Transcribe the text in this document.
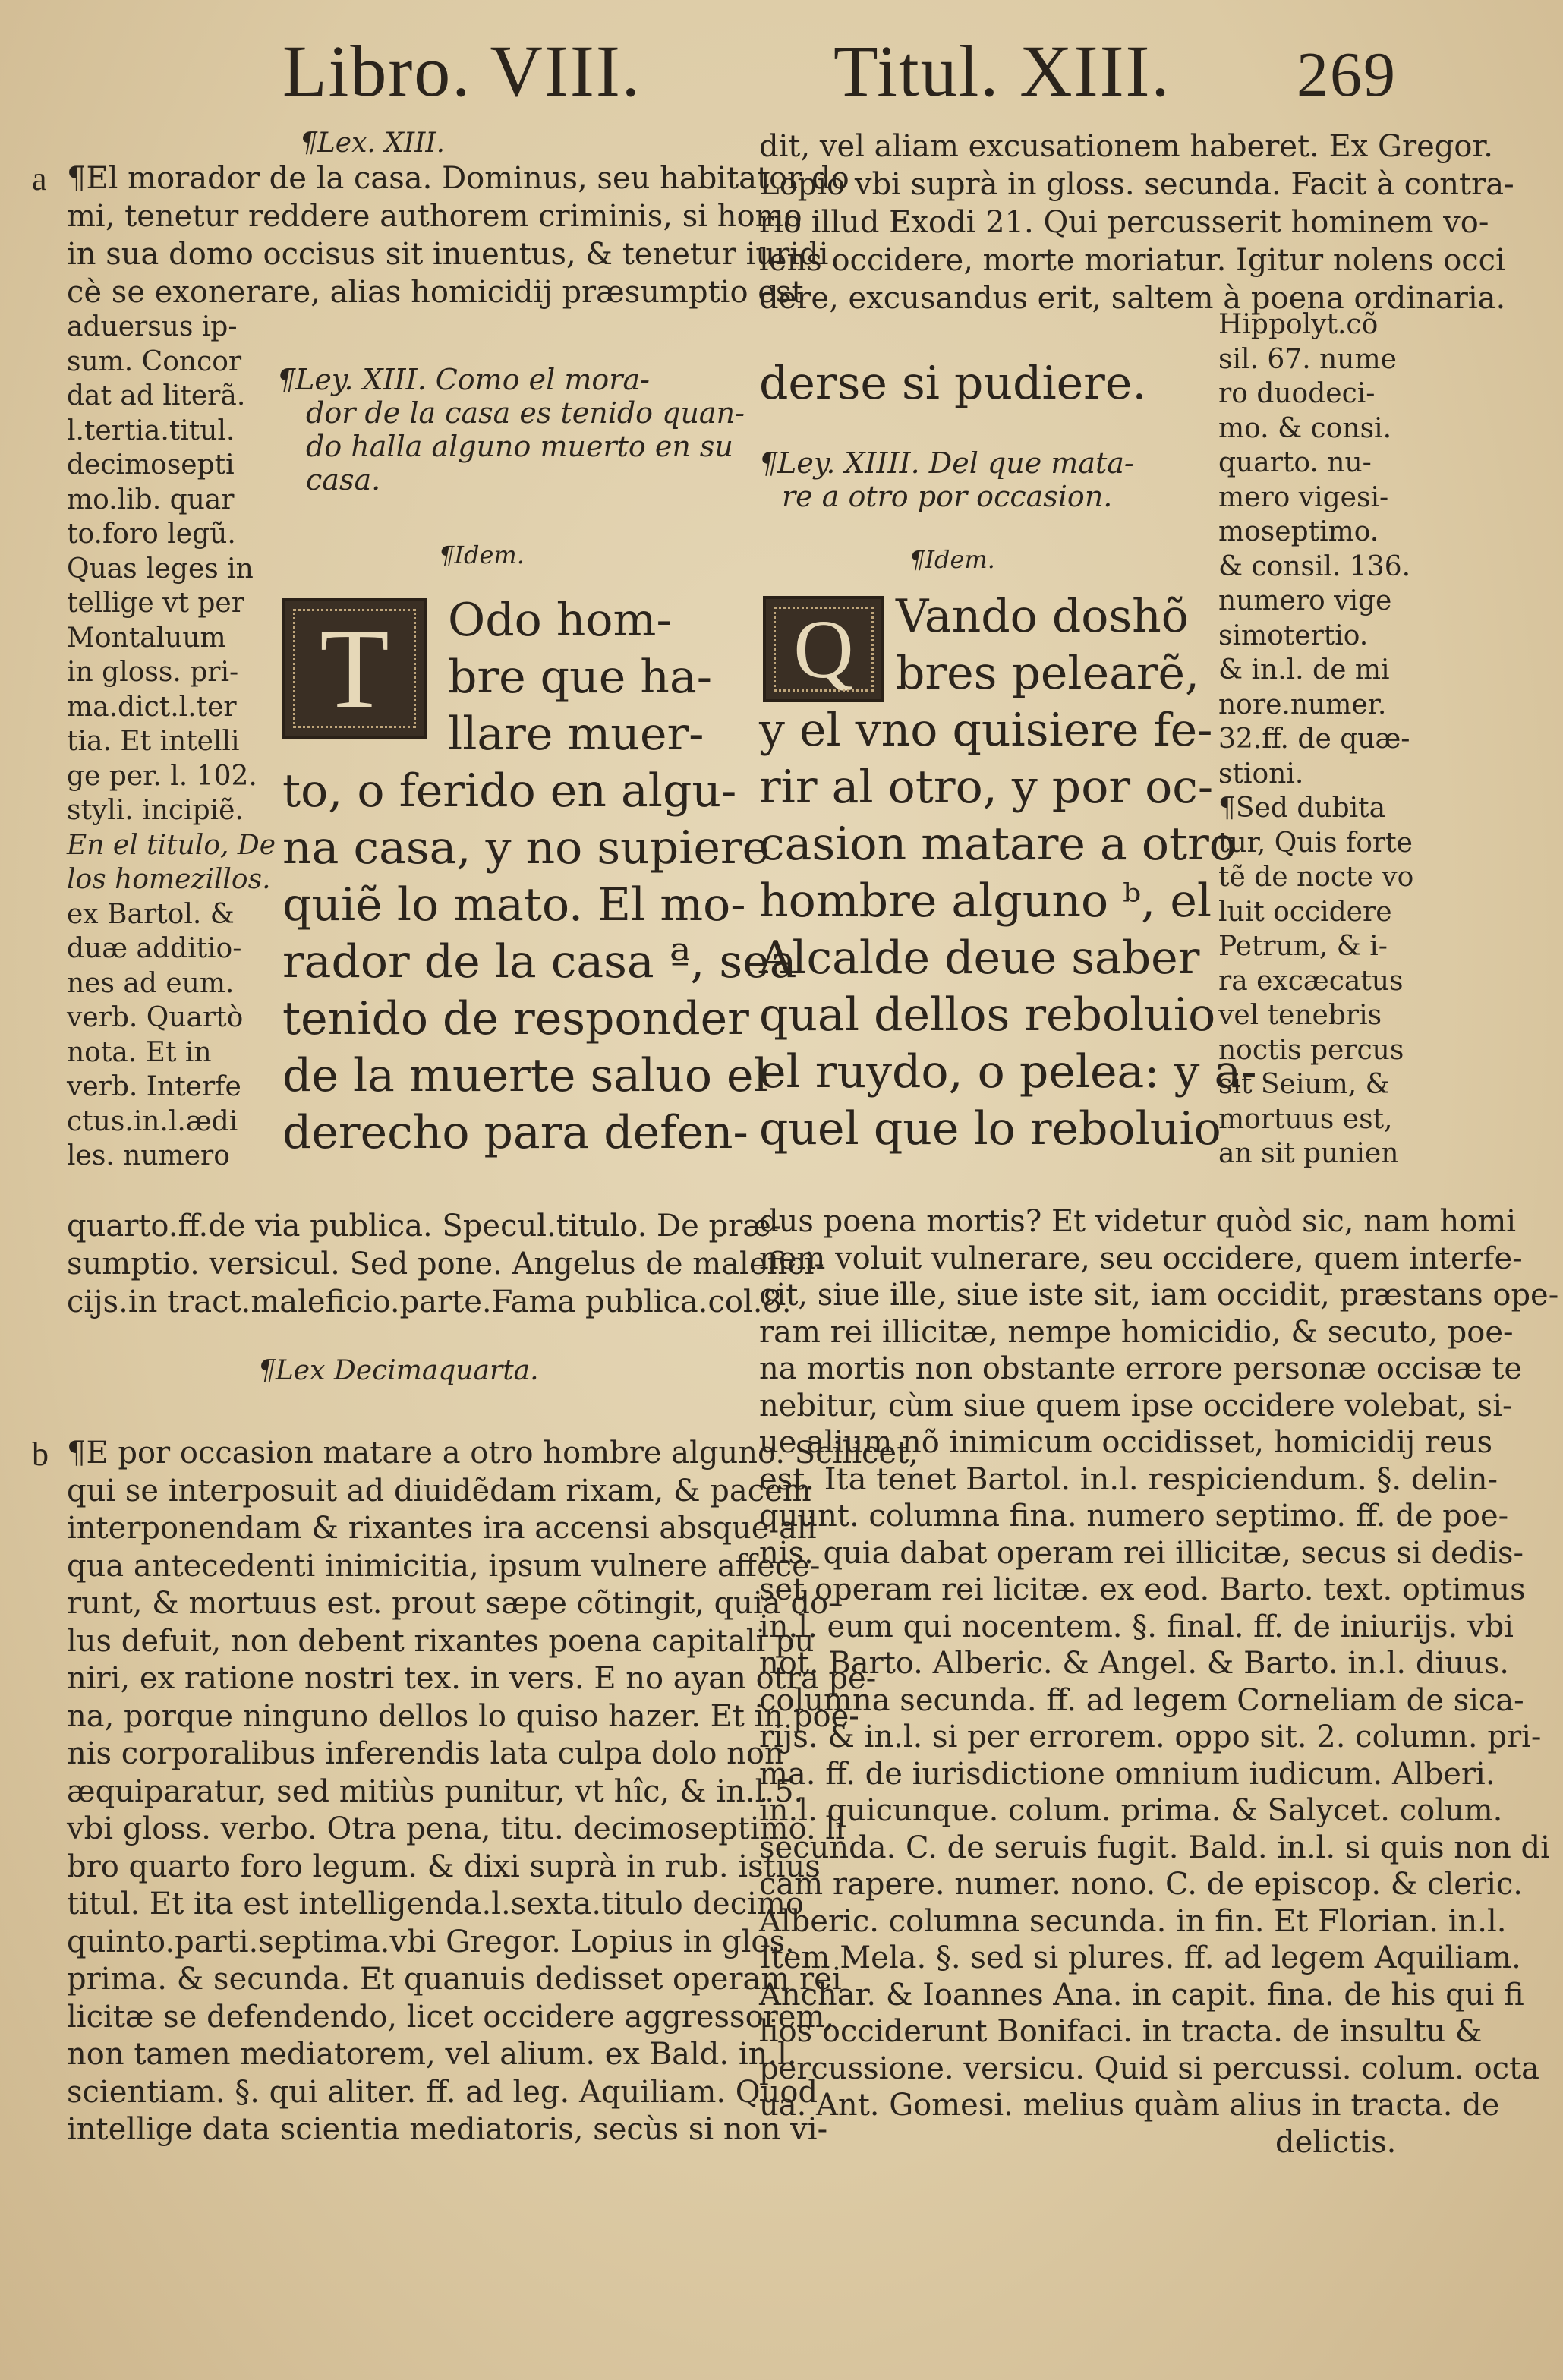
Libro. VIII.	Titul. XIII. 269
¶Lex. XIII.
a ¶El morador de la casa. Dominus, seu habitator do
mi, tenetur reddere authorem criminis, si homo
in sua domo occisus sit inuentus, & tenetur iuridi
cè se exonerare, alias homicidij præsumptio est
aduersus ip-
sum. Concor
dat ad literã.
l.tertia.titul.
decimosepti
mo.lib. quar
to.foro legũ.
Quas leges in
tellige vt per
Montaluum
in gloss. pri-
ma.dict.l.ter
tia. Et intelli
ge per. l. 102.
styli. incipiẽ.
En el titulo, De
los homezillos.
ex Bartol. &
duæ additio-
nes ad eum.
verb. Quartò
nota. Et in
verb. Interfe
ctus.in.l.ædi
les. numero
¶Ley. XIII. Como el mora-
dor de la casa es tenido quan-
do halla alguno muerto en su
casa.
¶Idem.
T	Odo hom-
bre que ha-
llare muer-
to, o ferido en algu-
na casa, y no supiere
quiẽ lo mato. El mo-
rador de la casa ª, sea
tenido de responder
de la muerte saluo el
derecho para defen-
quarto.ff.de via publica. Specul.titulo. De præ-
sumptio. versicul. Sed pone. Angelus de malefici-
cijs.in tract.maleficio.parte.Fama publica.col.8.
¶Lex Decimaquarta.
b ¶E por occasion matare a otro hombre alguno. Scilicet,
qui se interposuit ad diuidẽdam rixam, & pacem
interponendam & rixantes ira accensi absque ali
qua antecedenti inimicitia, ipsum vulnere affece-
runt, & mortuus est. prout sæpe cõtingit, quia do-
lus defuit, non debent rixantes poena capitali pu
niri, ex ratione nostri tex. in vers. E no ayan otra pe-
na, porque ninguno dellos lo quiso hazer. Et in poe-
nis corporalibus inferendis lata culpa dolo non
æquiparatur, sed mitiùs punitur, vt hîc, & in.l.5.
vbi gloss. verbo. Otra pena, titu. decimoseptimo. li
bro quarto foro legum. & dixi suprà in rub. istius
titul. Et ita est intelligenda.l.sexta.titulo decimo
quinto.parti.septima.vbi Gregor. Lopius in glos.
prima. & secunda. Et quanuis dedisset operam rei
licitæ se defendendo, licet occidere aggressorem,
non tamen mediatorem, vel alium. ex Bald. in.l.
scientiam. §. qui aliter. ff. ad leg. Aquiliam. Quod
intellige data scientia mediatoris, secùs si non vi-
dit, vel aliam excusationem haberet. Ex Gregor.
Lopio vbi suprà in gloss. secunda. Facit à contra-
rio illud Exodi 21. Qui percusserit hominem vo-
lens occidere, morte moriatur. Igitur nolens occi
dere, excusandus erit, saltem à poena ordinaria.
derse si pudiere.
¶Ley. XIIII. Del que mata-
re a otro por occasion.
¶Idem.
Q Vando doshõ
bres pelearẽ,
y el vno quisiere fe-
rir al otro, y por oc-
casion matare a otro
hombre alguno ᵇ, el
Alcalde deue saber
qual dellos reboluio
el ruydo, o pelea: y a-
quel que lo reboluio
Hippolyt.cõ
sil. 67. nume
ro duodeci-
mo. & consi.
quarto. nu-
mero vigesi-
moseptimo.
& consil. 136.
numero vige
simotertio.
& in.l. de mi
nore.numer.
32.ff. de quæ-
stioni.
¶Sed dubita
tur, Quis forte
tẽ de nocte vo
luit occidere
Petrum, & i-
ra excæcatus
vel tenebris
noctis percus
sit Seium, &
mortuus est,
an sit punien
dus poena mortis? Et videtur quòd sic, nam homi
nem voluit vulnerare, seu occidere, quem interfe-
cit, siue ille, siue iste sit, iam occidit, præstans ope-
ram rei illicitæ, nempe homicidio, & secuto, poe-
na mortis non obstante errore personæ occisæ te
nebitur, cùm siue quem ipse occidere volebat, si-
ue alium nõ inimicum occidisset, homicidij reus
est. Ita tenet Bartol. in.l. respiciendum. §. delin-
quunt. columna fina. numero septimo. ff. de poe-
nis. quia dabat operam rei illicitæ, secus si dedis-
set operam rei licitæ. ex eod. Barto. text. optimus
in.l. eum qui nocentem. §. final. ff. de iniurijs. vbi
not. Barto. Alberic. & Angel. & Barto. in.l. diuus.
columna secunda. ff. ad legem Corneliam de sica-
rijs. & in.l. si per errorem. oppo sit. 2. column. pri-
ma. ff. de iurisdictione omnium iudicum. Alberi.
in.l. quicunque. colum. prima. & Salycet. colum.
secunda. C. de seruis fugit. Bald. in.l. si quis non di
cam rapere. numer. nono. C. de episcop. & cleric.
Alberic. columna secunda. in fin. Et Florian. in.l.
Item Mela. §. sed si plures. ff. ad legem Aquiliam.
Anchar. & Ioannes Ana. in capit. fina. de his qui fi
lios occiderunt Bonifaci. in tracta. de insultu &
percussione. versicu. Quid si percussi. colum. octa
ua. Ant. Gomesi. melius quàm alius in tracta. de
delictis.
